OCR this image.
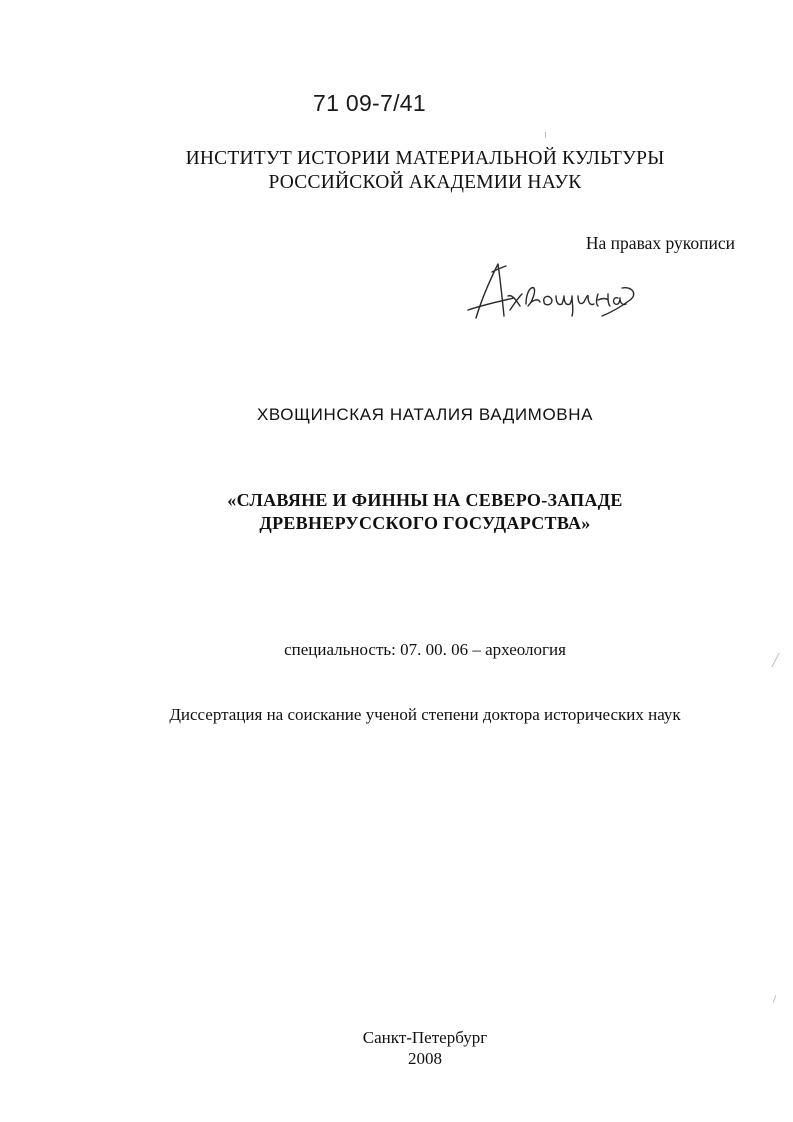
71 09-7/41
ИНСТИТУТ ИСТОРИИ МАТЕРИАЛЬНОЙ КУЛЬТУРЫ
РОССИЙСКОЙ АКАДЕМИИ НАУК
На правах рукописи
ХВОЩИНСКАЯ НАТАЛИЯ ВАДИМОВНА
«СЛАВЯНЕ И ФИННЫ НА СЕВЕРО-ЗАПАДЕ
ДРЕВНЕРУССКОГО ГОСУДАРСТВА»
специальность: 07. 00. 06 – археология
Диссертация на соискание ученой степени доктора исторических наук
Санкт-Петербург
2008
